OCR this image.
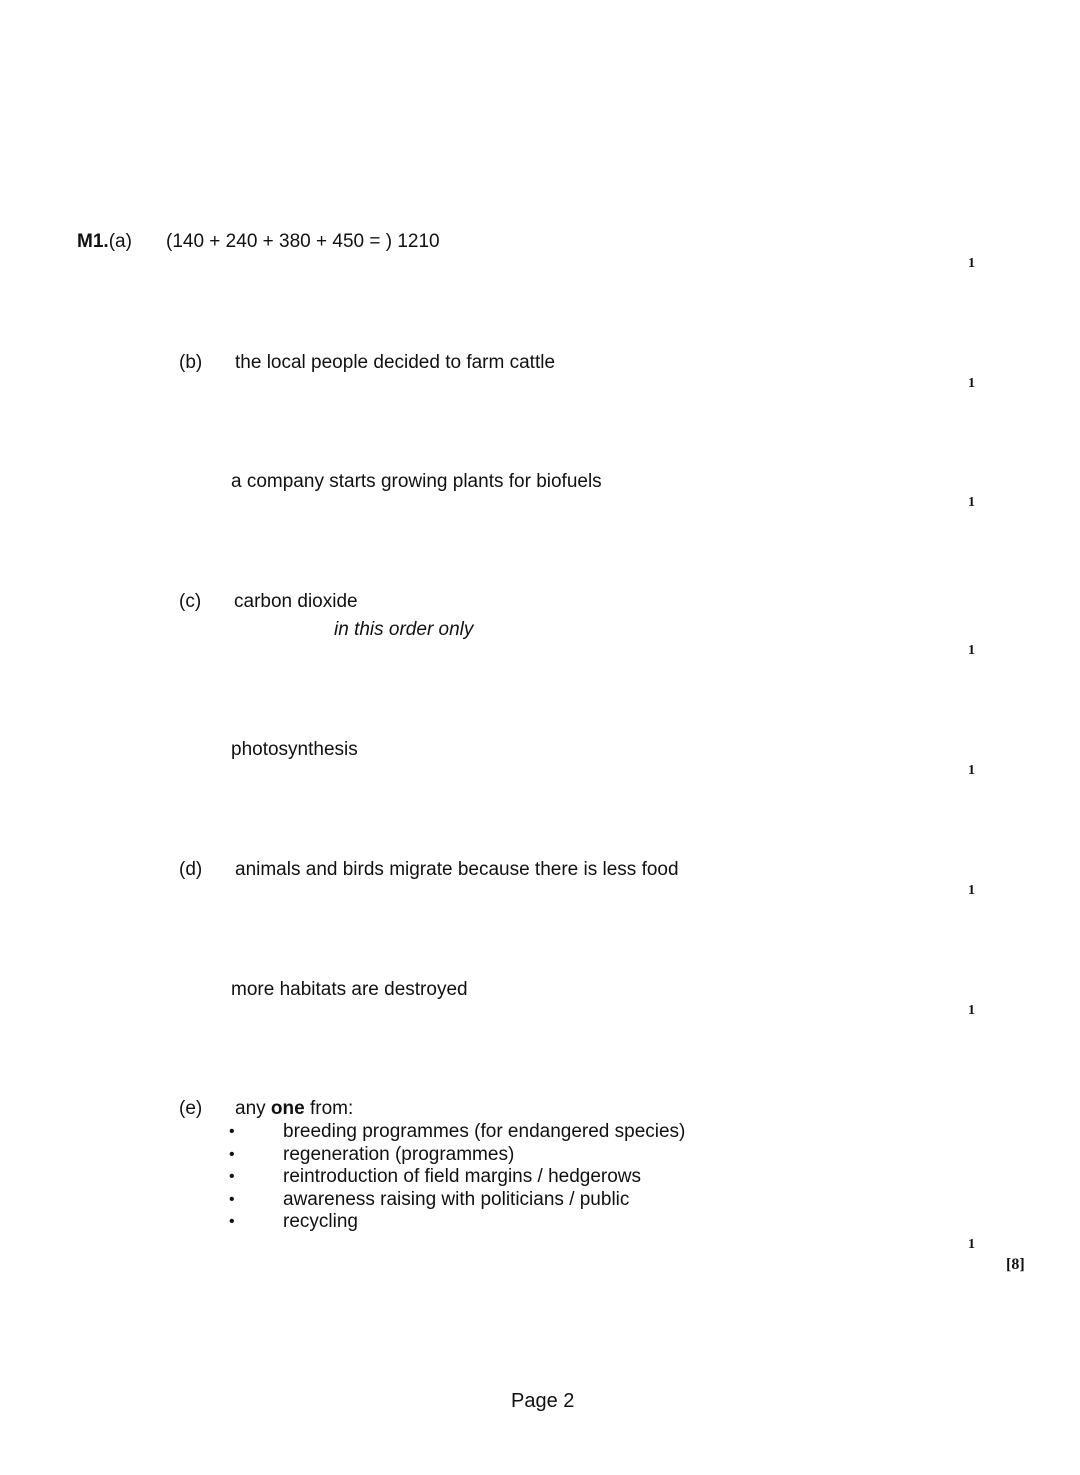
M1.(a) (140 + 240 + 380 + 450 = ) 1210
1
(b) the local people decided to farm cattle
1
a company starts growing plants for biofuels
1
(c) carbon dioxide
in this order only
1
photosynthesis
1
(d) animals and birds migrate because there is less food
1
more habitats are destroyed
1
(e) any one from:
•	breeding programmes (for endangered species)
•	regeneration (programmes)
•	reintroduction of field margins / hedgerows
•	awareness raising with politicians / public
•	recycling
1
[8]
Page 2
